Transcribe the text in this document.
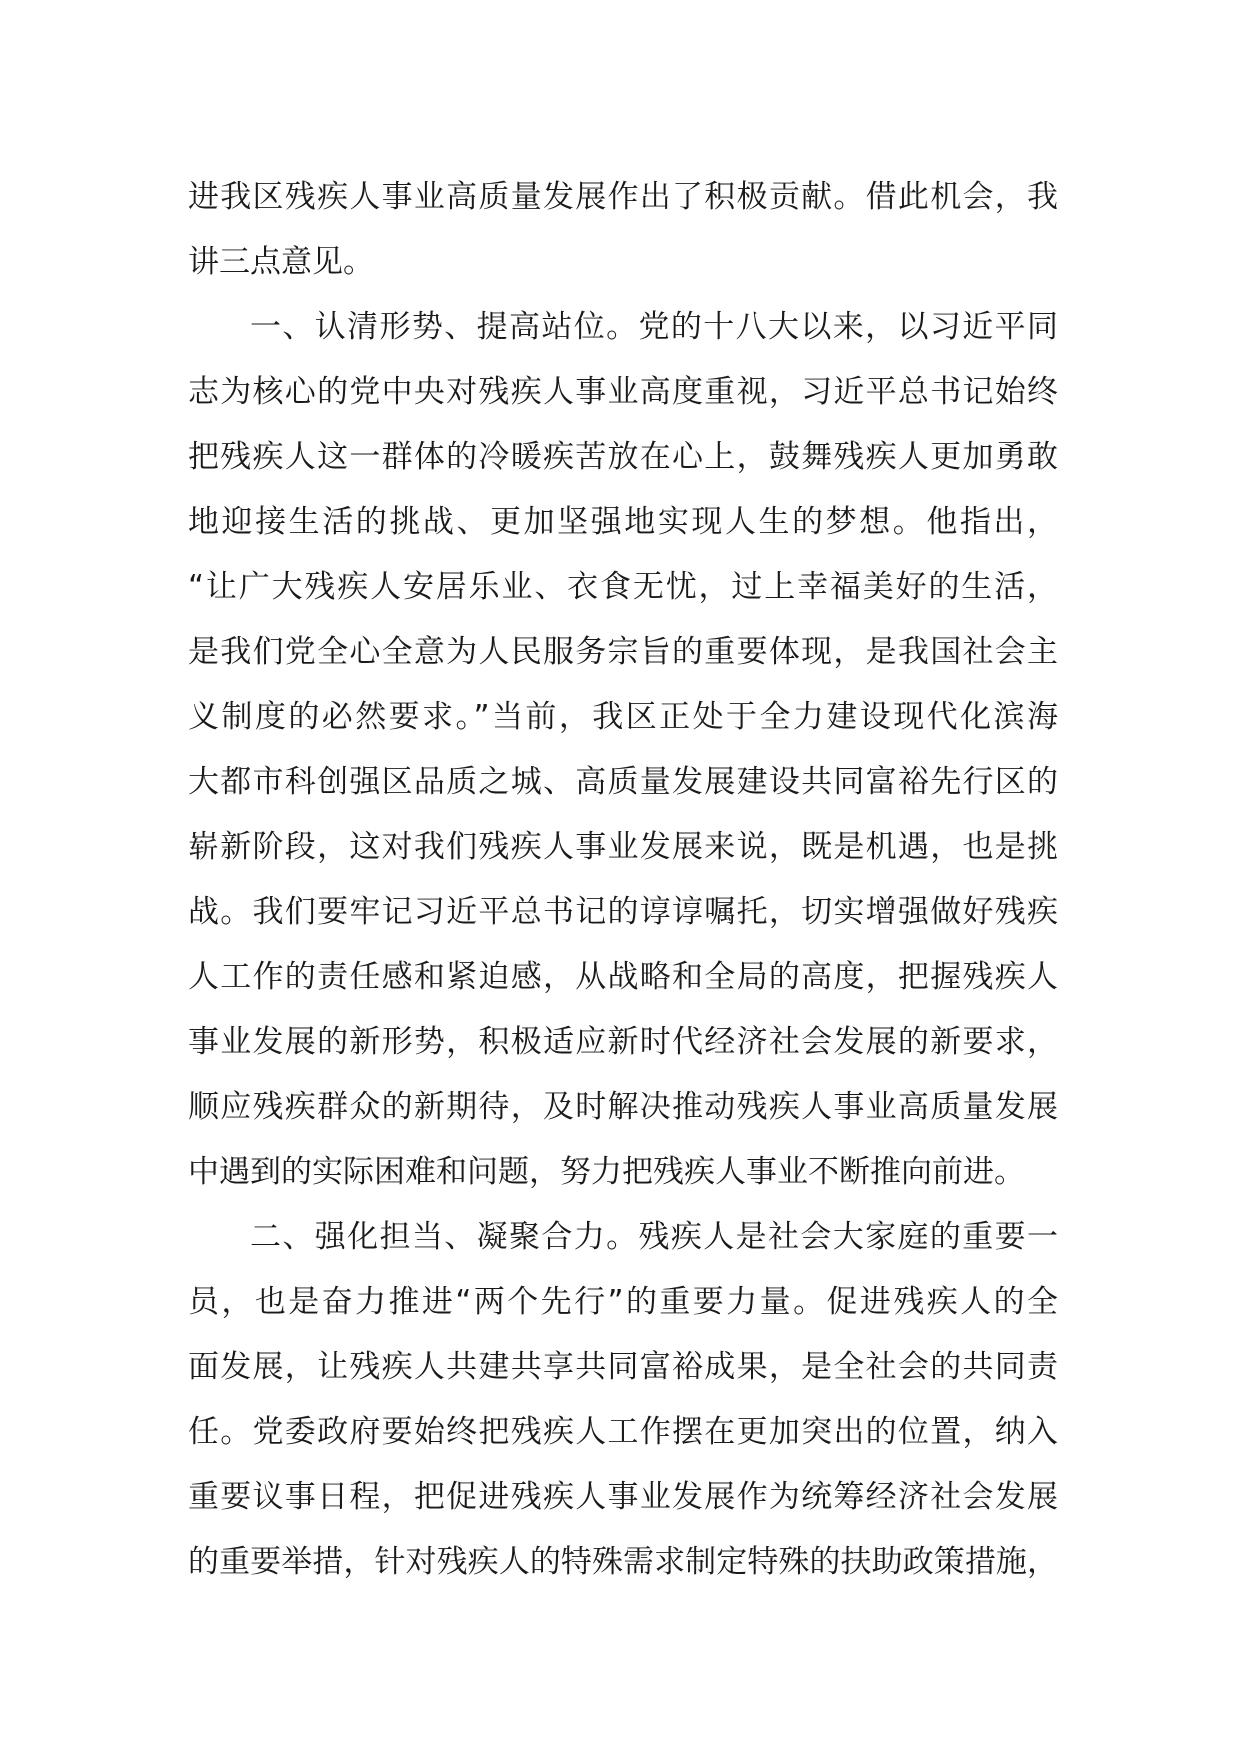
进我区残疾人事业高质量发展作出了积极贡献。借此机会，我
讲三点意见。
一、认清形势、提高站位。党的十八大以来，以习近平同
志为核心的党中央对残疾人事业高度重视，习近平总书记始终
把残疾人这一群体的冷暖疾苦放在心上，鼓舞残疾人更加勇敢
地迎接生活的挑战、更加坚强地实现人生的梦想。他指出，
“让广大残疾人安居乐业、衣食无忧，过上幸福美好的生活，
是我们党全心全意为人民服务宗旨的重要体现，是我国社会主
义制度的必然要求。”当前，我区正处于全力建设现代化滨海
大都市科创强区品质之城、高质量发展建设共同富裕先行区的
崭新阶段，这对我们残疾人事业发展来说，既是机遇，也是挑
战。我们要牢记习近平总书记的谆谆嘱托，切实增强做好残疾
人工作的责任感和紧迫感，从战略和全局的高度，把握残疾人
事业发展的新形势，积极适应新时代经济社会发展的新要求，
顺应残疾群众的新期待，及时解决推动残疾人事业高质量发展
中遇到的实际困难和问题，努力把残疾人事业不断推向前进。
二、强化担当、凝聚合力。残疾人是社会大家庭的重要一
员，也是奋力推进“两个先行”的重要力量。促进残疾人的全
面发展，让残疾人共建共享共同富裕成果，是全社会的共同责
任。党委政府要始终把残疾人工作摆在更加突出的位置，纳入
重要议事日程，把促进残疾人事业发展作为统筹经济社会发展
的重要举措，针对残疾人的特殊需求制定特殊的扶助政策措施，
